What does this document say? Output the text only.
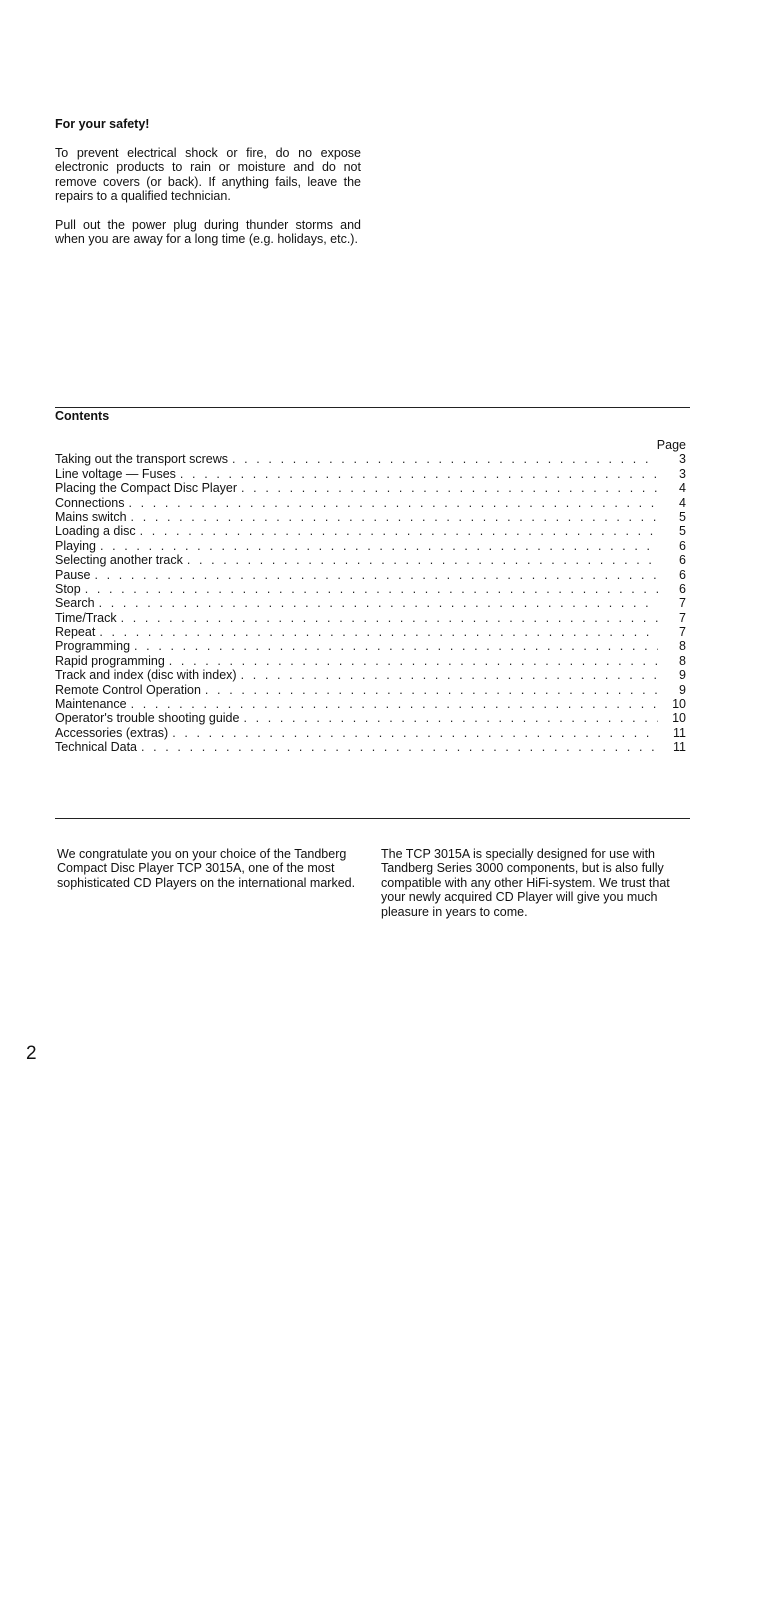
For your safety!

To prevent electrical shock or fire, do no expose electronic products to rain or moisture and do not remove covers (or back). If anything fails, leave the repairs to a qualified technician.

Pull out the power plug during thunder storms and when you are away for a long time (e.g. holidays, etc.).

Contents
Page
Taking out the transport screws . . .	3
Line voltage — Fuses . . .	3
Placing the Compact Disc Player . . .	4
Connections . . .	4
Mains switch . . .	5
Loading a disc . . .	5
Playing . . .	6
Selecting another track . . .	6
Pause . . .	6
Stop . . .	6
Search . . .	7
Time/Track . . .	7
Repeat . . .	7
Programming . . .	8
Rapid programming . . .	8
Track and index (disc with index) . . .	9
Remote Control Operation . . .	9
Maintenance . . .	10
Operator's trouble shooting guide . . .	10
Accessories (extras) . . .	11
Technical Data . . .	11

We congratulate you on your choice of the Tandberg Compact Disc Player TCP 3015A, one of the most sophisticated CD Players on the international marked.

The TCP 3015A is specially designed for use with Tandberg Series 3000 components, but is also fully compatible with any other HiFi-system. We trust that your newly acquired CD Player will give you much pleasure in years to come.

2
